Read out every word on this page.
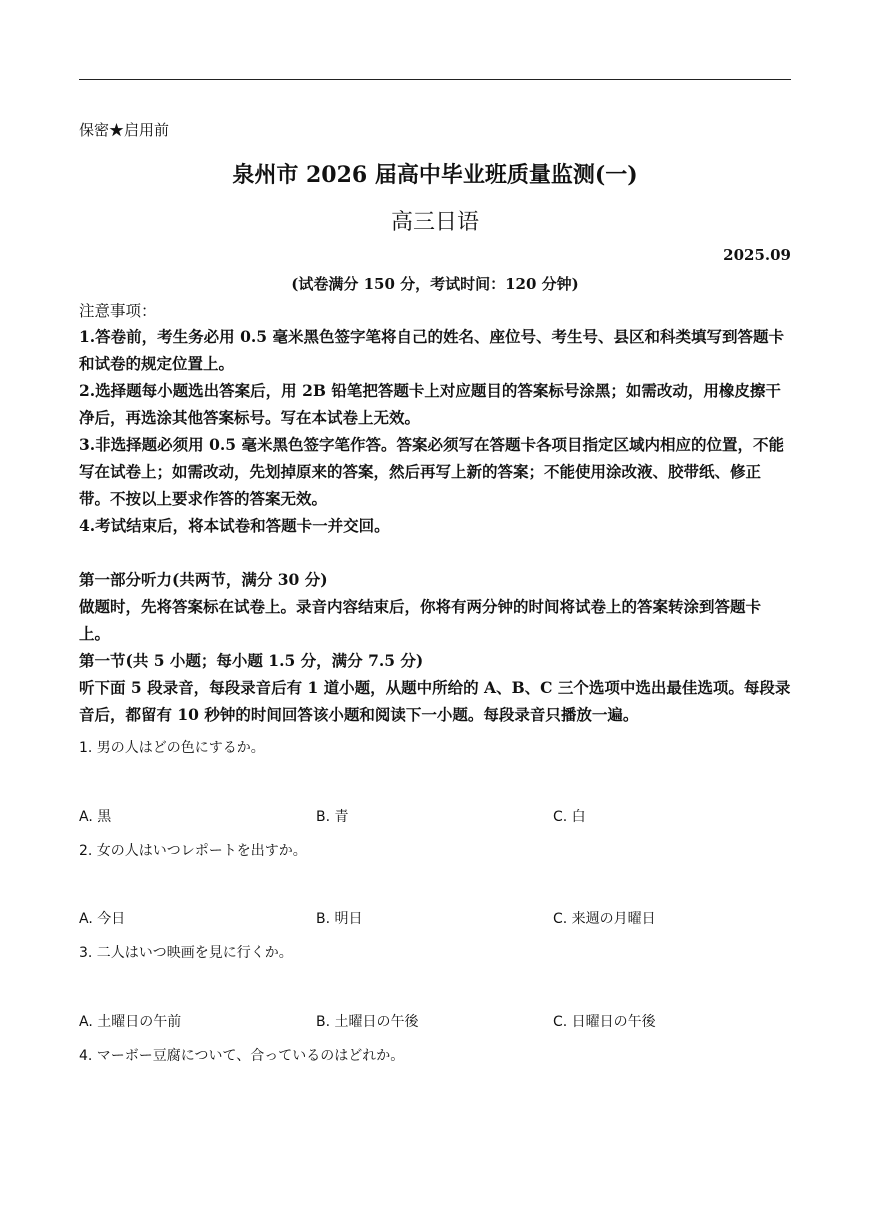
保密★启用前
泉州市 2026 届高中毕业班质量监测(一)
高三日语
2025.09
(试卷满分 150 分，考试时间：120 分钟)
注意事项：

1.答卷前，考生务必用 0.5 毫米黑色签字笔将自己的姓名、座位号、考生号、县区和科类填写到答题卡和试卷的规定位置上。

2.选择题每小题选出答案后，用 2B 铅笔把答题卡上对应题目的答案标号涂黑；如需改动，用橡皮擦干净后，再选涂其他答案标号。写在本试卷上无效。

3.非选择题必须用 0.5 毫米黑色签字笔作答。答案必须写在答题卡各项目指定区域内相应的位置，不能写在试卷上；如需改动，先划掉原来的答案，然后再写上新的答案；不能使用涂改液、胶带纸、修正带。不按以上要求作答的答案无效。

4.考试结束后，将本试卷和答题卡一并交回。

第一部分听力(共两节，满分 30 分)

做题时，先将答案标在试卷上。录音内容结束后，你将有两分钟的时间将试卷上的答案转涂到答题卡上。

第一节(共 5 小题；每小题 1.5 分，满分 7.5 分)

听下面 5 段录音，每段录音后有 1 道小题，从题中所给的 A、B、C 三个选项中选出最佳选项。每段录音后，都留有 10 秒钟的时间回答该小题和阅读下一小题。每段录音只播放一遍。

1. 男の人はどの色にするか。
A. 黒	B. 青	C. 白
2. 女の人はいつレポートを出すか。
A. 今日	B. 明日	C. 来週の月曜日
3. 二人はいつ映画を見に行くか。
A. 土曜日の午前	B. 土曜日の午後	C. 日曜日の午後
4. マーボー豆腐について、合っているのはどれか。
